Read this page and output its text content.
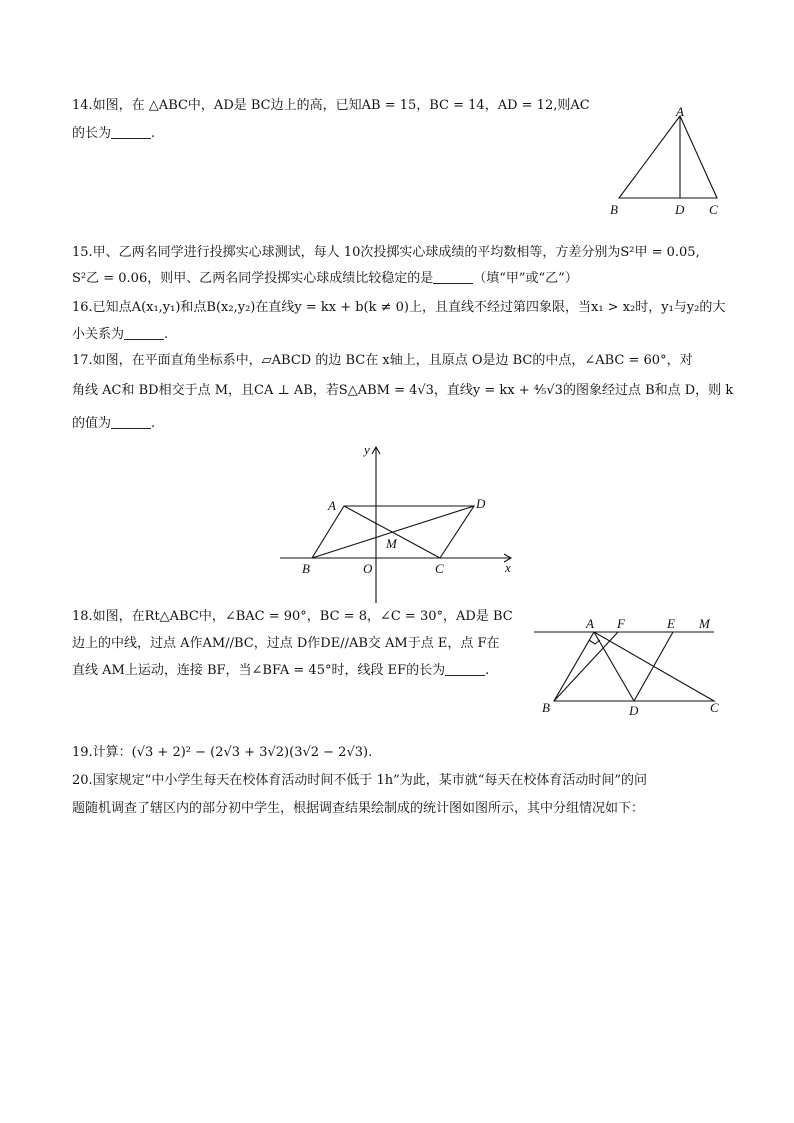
14.如图，在 △ABC中，AD是 BC边上的高，已知AB = 15，BC = 14，AD = 12,则AC
的长为	.
A
B	D C
15.甲、乙两名同学进行投掷实心球测试，每人 10次投掷实心球成绩的平均数相等，方差分别为S²甲 = 0.05,
S²乙 = 0.06，则甲、乙两名同学投掷实心球成绩比较稳定的是	（填“甲”或“乙”）
16.已知点A(x₁,y₁)和点B(x₂,y₂)在直线y = kx + b(k ≠ 0)上，且直线不经过第四象限，当x₁ > x₂时，y₁与y₂的大
小关系为	.
17.如图，在平面直角坐标系中，▱ABCD 的边 BC在 x轴上，且原点 O是边 BC的中点，∠ABC = 60°，对
角线 AC和 BD相交于点 M，且CA ⊥ AB，若S△ABM = 4√3，直线y = kx + ⁴⁄₅√3的图象经过点 B和点 D，则 k
的值为	.
y
x
A	D
M
B	O	C
18.如图，在Rt△ABC中，∠BAC = 90°，BC = 8，∠C = 30°，AD是 BC
边上的中线，过点 A作AM//BC，过点 D作DE//AB交 AM于点 E，点 F在
直线 AM上运动，连接 BF，当∠BFA = 45°时，线段 EF的长为	.
A F	E M
B	D	C
19.计算：(√3 + 2)² − (2√3 + 3√2)(3√2 − 2√3).
20.国家规定“中小学生每天在校体育活动时间不低于 1h”为此，某市就“每天在校体育活动时间”的问
题随机调查了辖区内的部分初中学生，根据调查结果绘制成的统计图如图所示，其中分组情况如下：
